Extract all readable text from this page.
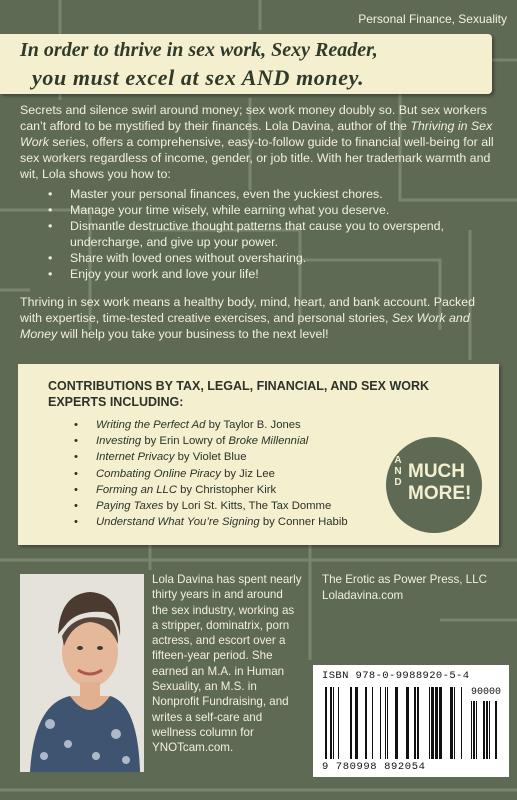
Personal Finance, Sexuality
In order to thrive in sex work, Sexy Reader,
you must excel at sex AND money.

Secrets and silence swirl around money; sex work money doubly so. But sex workers can’t afford to be mystified by their finances. Lola Davina, author of the Thriving in Sex Work series, offers a comprehensive, easy-to-follow guide to financial well-being for all sex workers regardless of income, gender, or job title. With her trademark warmth and wit, Lola shows you how to:

• Master your personal finances, even the yuckiest chores.
• Manage your time wisely, while earning what you deserve.
• Dismantle destructive thought patterns that cause you to overspend, undercharge, and give up your power.
• Share with loved ones without oversharing.
• Enjoy your work and love your life!

Thriving in sex work means a healthy body, mind, heart, and bank account. Packed with expertise, time-tested creative exercises, and personal stories, Sex Work and Money will help you take your business to the next level!

CONTRIBUTIONS BY TAX, LEGAL, FINANCIAL, AND SEX WORK EXPERTS INCLUDING:
• Writing the Perfect Ad by Taylor B. Jones
• Investing by Erin Lowry of Broke Millennial
• Internet Privacy by Violet Blue
• Combating Online Piracy by Jiz Lee
• Forming an LLC by Christopher Kirk
• Paying Taxes by Lori St. Kitts, The Tax Domme
• Understand What You’re Signing by Conner Habib
AND
MUCH
MORE!
Lola Davina has spent nearly thirty years in and around the sex industry, working as a stripper, dominatrix, porn actress, and escort over a fifteen-year period. She earned an M.A. in Human Sexuality, an M.S. in Nonprofit Fundraising, and writes a self-care and wellness column for YNOTcam.com.
The Erotic as Power Press, LLC
Loladavina.com
ISBN 978-0-9988920-5-4
90000
9 780998 892054
